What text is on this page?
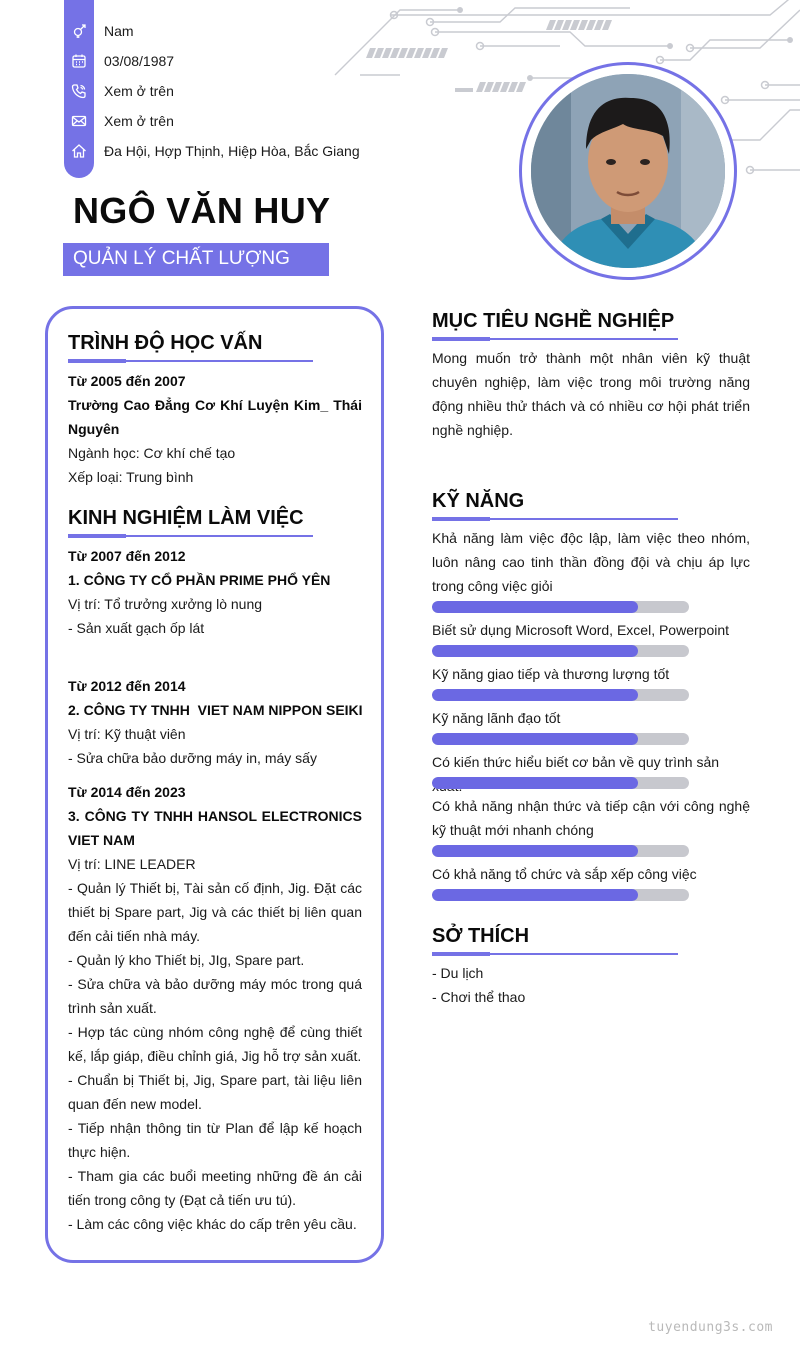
Nam
03/08/1987
Xem ở trên
Xem ở trên
Đa Hội, Hợp Thịnh, Hiệp Hòa, Bắc Giang
NGÔ VĂN HUY
QUẢN LÝ CHẤT LƯỢNG
TRÌNH ĐỘ HỌC VẤN
Từ 2005 đến 2007
Trường Cao Đẳng Cơ Khí Luyện Kim_ Thái Nguyên
Ngành học: Cơ khí chế tạo
Xếp loại: Trung bình
KINH NGHIỆM LÀM VIỆC
Từ 2007 đến 2012
1. CÔNG TY CỔ PHẦN PRIME PHỔ YÊN
Vị trí: Tổ trưởng xưởng lò nung
- Sản xuất gạch ốp lát
Từ 2012 đến 2014
2. CÔNG TY TNHH  VIET NAM NIPPON SEIKI
Vị trí: Kỹ thuật viên
- Sửa chữa bảo dưỡng máy in, máy sấy
Từ 2014 đến 2023
3. CÔNG TY TNHH HANSOL ELECTRONICS VIET NAM
Vị trí: LINE LEADER
- Quản lý Thiết bị, Tài sản cố định, Jig. Đặt các thiết bị Spare part, Jig và các thiết bị liên quan đến cải tiến nhà máy.
- Quản lý kho Thiết bị, JIg, Spare part.
- Sửa chữa và bảo dưỡng máy móc trong quá trình sản xuất.
- Hợp tác cùng nhóm công nghệ để cùng thiết kế, lắp giáp, điều chỉnh giá, Jig hỗ trợ sản xuất.
- Chuẩn bị Thiết bị, Jig, Spare part, tài liệu liên quan đến new model.
- Tiếp nhận thông tin từ Plan để lập kế hoạch thực hiện.
- Tham gia các buổi meeting những đề án cải tiến trong công ty (Đạt cả tiến ưu tú).
- Làm các công việc khác do cấp trên yêu cầu.
MỤC TIÊU NGHỀ NGHIỆP
Mong muốn trở thành một nhân viên kỹ thuật chuyên nghiệp, làm việc trong môi trường năng động nhiều thử thách và có nhiều cơ hội phát triển nghề nghiệp.
KỸ NĂNG
Khả năng làm việc độc lập, làm việc theo nhóm, luôn nâng cao tinh thần đồng đội và chịu áp lực trong công việc giỏi
Biết sử dụng Microsoft Word, Excel, Powerpoint
Kỹ năng giao tiếp và thương lượng tốt
Kỹ năng lãnh đạo tốt
Có kiến thức hiểu biết cơ bản về quy trình sản
Có khả năng nhận thức và tiếp cận với công nghệ kỹ thuật mới nhanh chóng
Có khả năng tổ chức và sắp xếp công việc
SỞ THÍCH
- Du lịch
- Chơi thể thao
tuyendung3s.com
